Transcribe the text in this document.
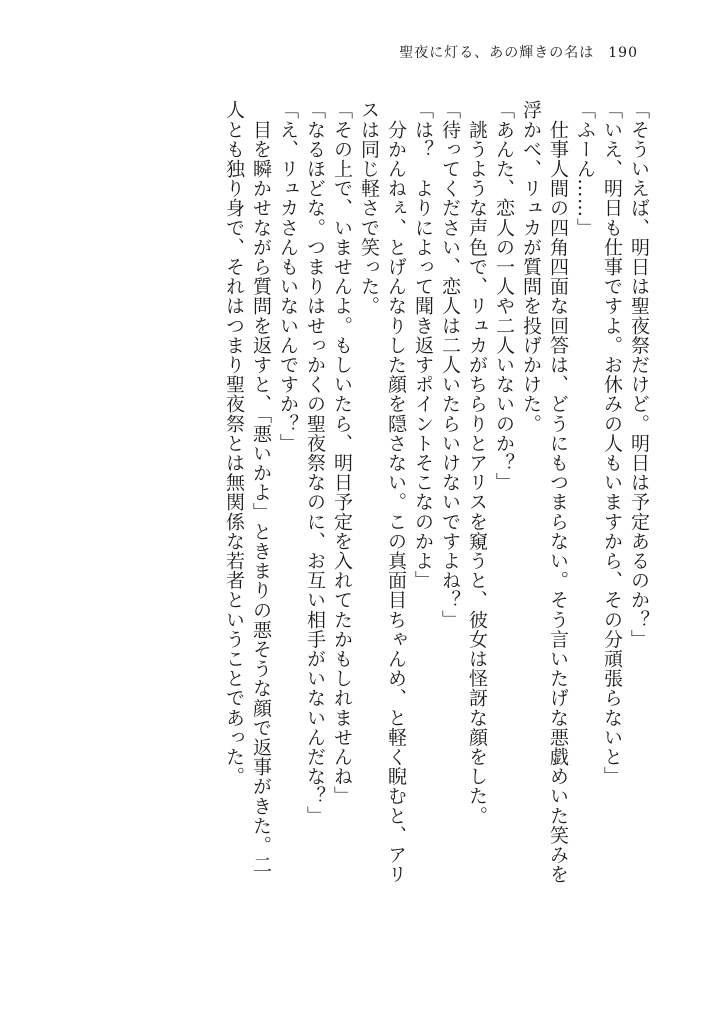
聖夜に灯る、あの輝きの名は 190
「そういえば、明日は聖夜祭だけど。明日は予定あるのか？」
「いえ、明日も仕事ですよ。お休みの人もいますから、その分頑張らないと」
「ふーん……」
　仕事人間の四角四面な回答は、どうにもつまらない。そう言いたげな悪戯めいた笑みを
浮かべ、リュカが質問を投げかけた。
「あんた、恋人の一人や二人いないのか？」
　誂うような声色で、リュカがちらりとアリスを窺うと、彼女は怪訝な顔をした。
「待ってください、恋人は二人いたらいけないですよね？」
「は？　よりによって聞き返すポイントそこなのかよ」
　分かんねぇ、とげんなりした顔を隠さない。この真面目ちゃんめ、と軽く睨むと、アリ
スは同じ軽さで笑った。
「その上で、いませんよ。もしいたら、明日予定を入れてたかもしれませんね」
「なるほどな。つまりはせっかくの聖夜祭なのに、お互い相手がいないんだな？」
「え、リュカさんもいないんですか？」
　目を瞬かせながら質問を返すと、「悪いかよ」ときまりの悪そうな顔で返事がきた。二
人とも独り身で、それはつまり聖夜祭とは無関係な若者ということであった。
